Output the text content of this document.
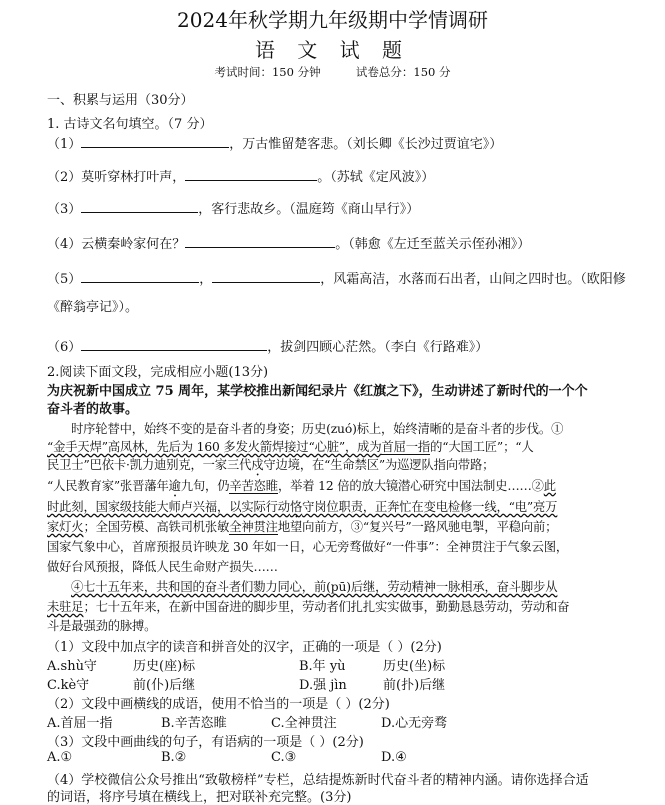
2024年秋学期九年级期中学情调研
语 文 试 题
考试时间：150 分钟	试卷总分：150 分
一、积累与运用（30分）
1. 古诗文名句填空。（7 分）
（1）	，万古惟留楚客悲。（刘长卿《长沙过贾谊宅》）
（2）莫听穿林打叶声，	。（苏轼《定风波》）
（3）	，客行悲故乡。（温庭筠《商山早行》）
（4）云横秦岭家何在？	。（韩愈《左迁至蓝关示侄孙湘》）
（5）	，	，风霜高洁，水落而石出者，山间之四时也。（欧阳修
《醉翁亭记》）。
（6）	，拔剑四顾心茫然。（李白《行路难》）
2.阅读下面文段，完成相应小题(13分)
为庆祝新中国成立 75 周年，某学校推出新闻纪录片《红旗之下》，生动讲述了新时代的一个个
奋斗者的故事。
时序轮替中，始终不变的是奋斗者的身姿；历史(zuó)标上，始终清晰的是奋斗者的步伐。①
“金手天焊”高凤林，先后为 160 多发火箭焊接过“心脏”，成为首屈一指的“大国工匠”；“人
民卫士”巴依卡·凯力迪别克，一家三代戍守边境，在“生命禁区”为巡逻队指向带路；
“人民教育家”张晋藩年逾九旬，仍辛苦恣睢，举着 12 倍的放大镜潜心研究中国法制史……②此
时此刻，国家级技能大师卢兴福，以实际行动恪守岗位职责，正奔忙在变电检修一线，“电”亮万
家灯火；全国劳模、高铁司机张敏全神贯注地望向前方，③“复兴号”一路风驰电掣，平稳向前；
国家气象中心，首席预报员许映龙 30 年如一日，心无旁骛做好“一件事”：全神贯注于气象云图，
做好台风预报，降低人民生命财产损失……
④七十五年来，共和国的奋斗者们勠力同心，前(pū)后继，劳动精神一脉相承，奋斗脚步从
未驻足；七十五年来，在新中国奋进的脚步里，劳动者们扎扎实实做事，勤勤恳恳劳动，劳动和奋
斗是最强劲的脉搏。
（1）文段中加点字的读音和拼音处的汉字，正确的一项是（ ）(2分)
A.shù守	历史(座)标	B.年 yù	历史(坐)标
C.kè守	前(仆)后继	D.强 jìn	前(扑)后继
（2）文段中画横线的成语，使用不恰当的一项是（ ）(2分)
A.首屈一指	B.辛苦恣睢	C.全神贯注	D.心无旁骛
（3）文段中画曲线的句子，有语病的一项是（ ）(2分)
A.①	B.②	C.③	D.④
（4）学校微信公众号推出“致敬榜样”专栏，总结提炼新时代奋斗者的精神内涵。请你选择合适
的词语，将序号填在横线上，把对联补充完整。(3分)
